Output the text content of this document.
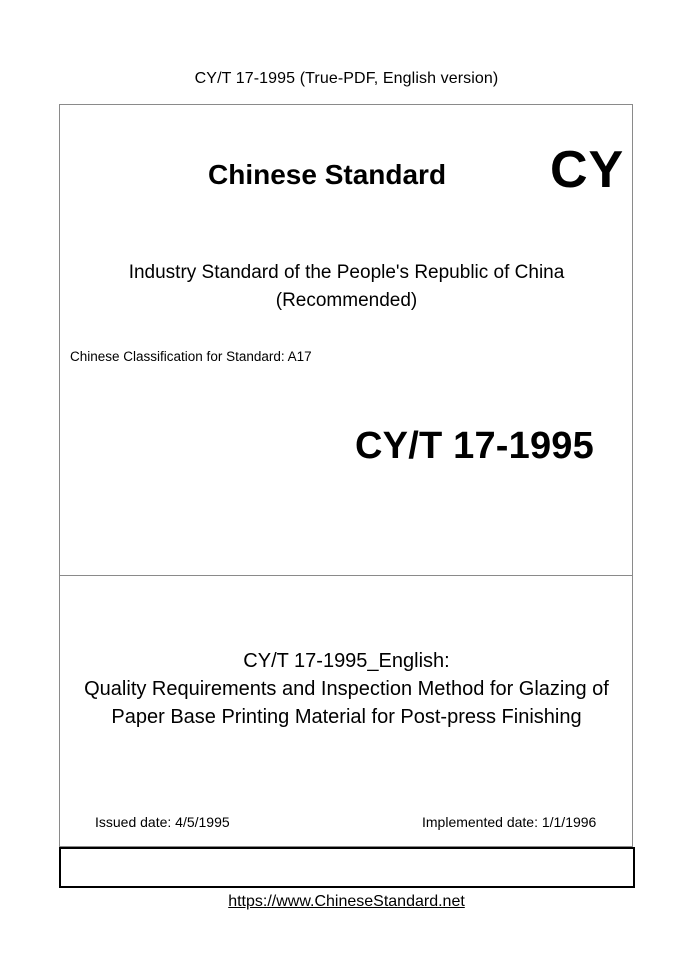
CY/T 17-1995 (True-PDF, English version)
Chinese Standard CY
Industry Standard of the People's Republic of China
(Recommended)
Chinese Classification for Standard: A17
CY/T 17-1995
CY/T 17-1995_English:
Quality Requirements and Inspection Method for Glazing of
Paper Base Printing Material for Post-press Finishing
Issued date: 4/5/1995	Implemented date: 1/1/1996
https://www.ChineseStandard.net
